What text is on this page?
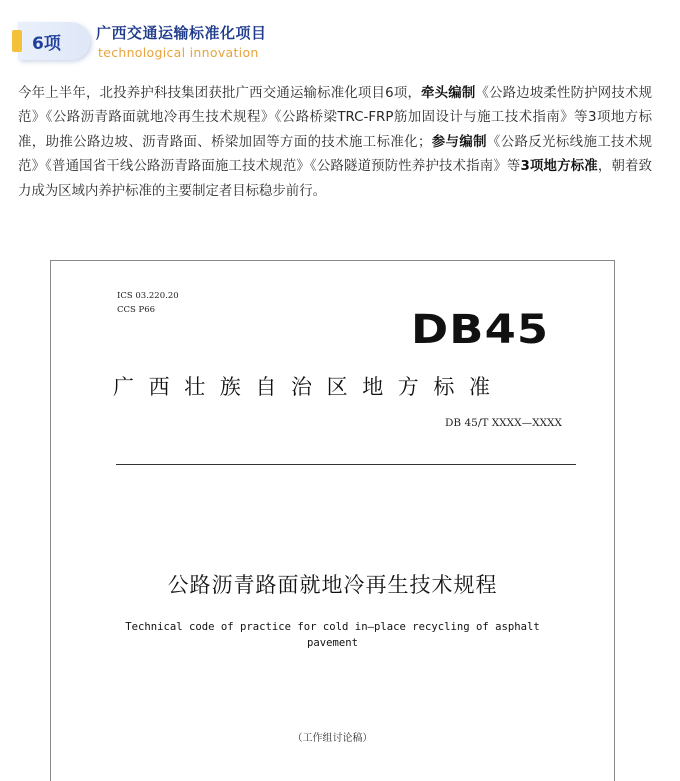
6项
广西交通运输标准化项目
technological innovation

今年上半年，北投养护科技集团获批广西交通运输标准化项目6项，牵头编制《公路边坡柔性防护网技术规范》《公路沥青路面就地冷再生技术规程》《公路桥梁TRC-FRP筋加固设计与施工技术指南》等3项地方标准，助推公路边坡、沥青路面、桥梁加固等方面的技术施工标准化；参与编制《公路反光标线施工技术规范》《普通国省干线公路沥青路面施工技术规范》《公路隧道预防性养护技术指南》等3项地方标准，朝着致力成为区域内养护标准的主要制定者目标稳步前行。

ICS 03.220.20
CCS P66	DB45
广西壮族自治区地方标准
DB 45/T XXXX—XXXX
公路沥青路面就地冷再生技术规程
Technical code of practice for cold in—place recycling of asphalt
pavement
（工作组讨论稿）
